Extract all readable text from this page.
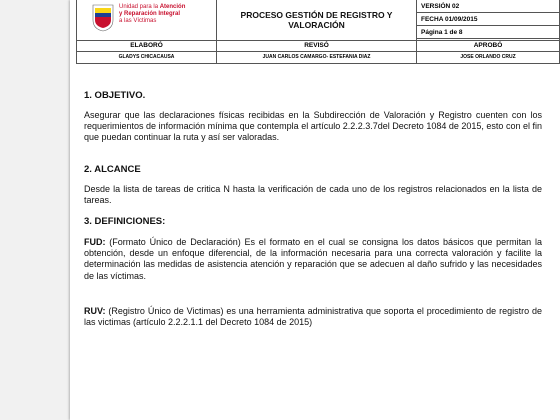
Unidad para la Atención
y Reparación Integral
a las Víctimas
PROCESO GESTIÓN DE REGISTRO Y VALORACIÓN
VERSIÓN 02
FECHA 01/09/2015
Página 1 de 8
ELABORÓ	REVISÓ	APROBÓ
GLADYS CHICACAUSA	JUAN CARLOS CAMARGO- ESTEFANIA DIAZ	JOSE ORLANDO CRUZ
1. OBJETIVO.

Asegurar que las declaraciones físicas recibidas en la Subdirección de Valoración y Registro cuenten con los requerimientos de información mínima que contempla el artículo 2.2.2.3.7del Decreto 1084 de 2015, esto con el fin que puedan continuar la ruta y así ser valoradas.

2. ALCANCE

Desde la lista de tareas de critica N hasta la verificación de cada uno de los registros relacionados en la lista de tareas.

3. DEFINICIONES:

FUD: (Formato Único de Declaración) Es el formato en el cual se consigna los datos básicos que permitan la obtención, desde un enfoque diferencial, de la información necesaria para una correcta valoración y facilite la determinación las medidas de asistencia atención y reparación que se adecuen al daño sufrido y las necesidades de las víctimas.

RUV: (Registro Único de Victimas) es una herramienta administrativa que soporta el procedimiento de registro de las victimas (artículo 2.2.2.1.1 del Decreto 1084 de 2015)
